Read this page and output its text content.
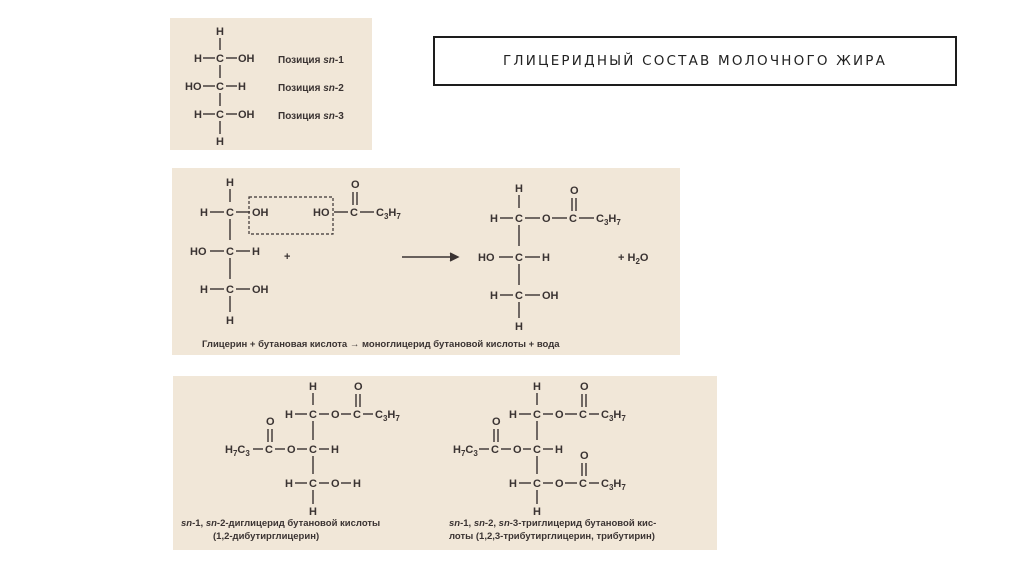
ГЛИЦЕРИДНЫЙ СОСТАВ МОЛОЧНОГО ЖИРА
H
H C OH
HO C H
H C OH
H
Позиция sn-1
Позиция sn-2
Позиция sn-3
H
H C OH
HO C H
H C OH
H
HO C
O
$C_3H_7$
+
H
H C O C
O
$C_3H_7$
HO C H
H C OH
H
+ $H_2O$
Глицерин + бутановая кислота → моноглицерид бутановой кислоты + вода
H
H C O C
O
$C_3H_7$
$H_7C_3$ C
O
O C H
H C O H
H
H
H C O C
O
$C_3H_7$
$H_7C_3$ C
O
O C H
H C O C
O
$C_3H_7$
H
sn-1, sn-2-диглицерид бутановой кислоты
(1,2-дибутирглицерин)
sn-1, sn-2, sn-3-триглицерид бутановой кис-
лоты (1,2,3-трибутирглицерин, трибутирин)
